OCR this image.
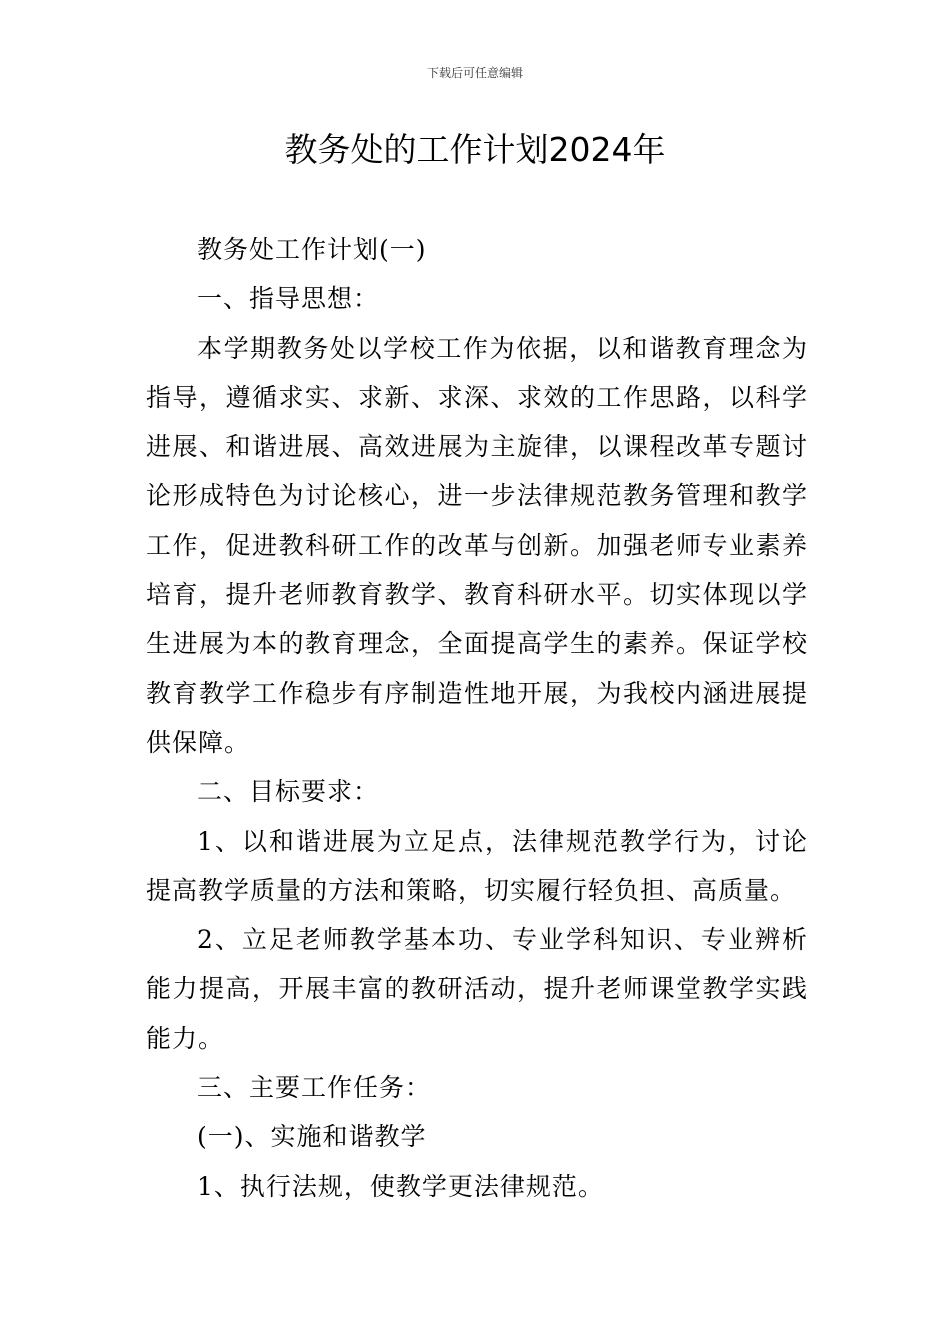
下载后可任意编辑
教务处的工作计划2024年

教务处工作计划(一)

一、指导思想：

本学期教务处以学校工作为依据，以和谐教育理念为指导，遵循求实、求新、求深、求效的工作思路，以科学进展、和谐进展、高效进展为主旋律，以课程改革专题讨论形成特色为讨论核心，进一步法律规范教务管理和教学工作，促进教科研工作的改革与创新。加强老师专业素养培育，提升老师教育教学、教育科研水平。切实体现以学生进展为本的教育理念，全面提高学生的素养。保证学校教育教学工作稳步有序制造性地开展，为我校内涵进展提供保障。

二、目标要求：

1、以和谐进展为立足点，法律规范教学行为，讨论提高教学质量的方法和策略，切实履行轻负担、高质量。

2、立足老师教学基本功、专业学科知识、专业辨析能力提高，开展丰富的教研活动，提升老师课堂教学实践能力。

三、主要工作任务：

(一)、实施和谐教学

1、执行法规，使教学更法律规范。
